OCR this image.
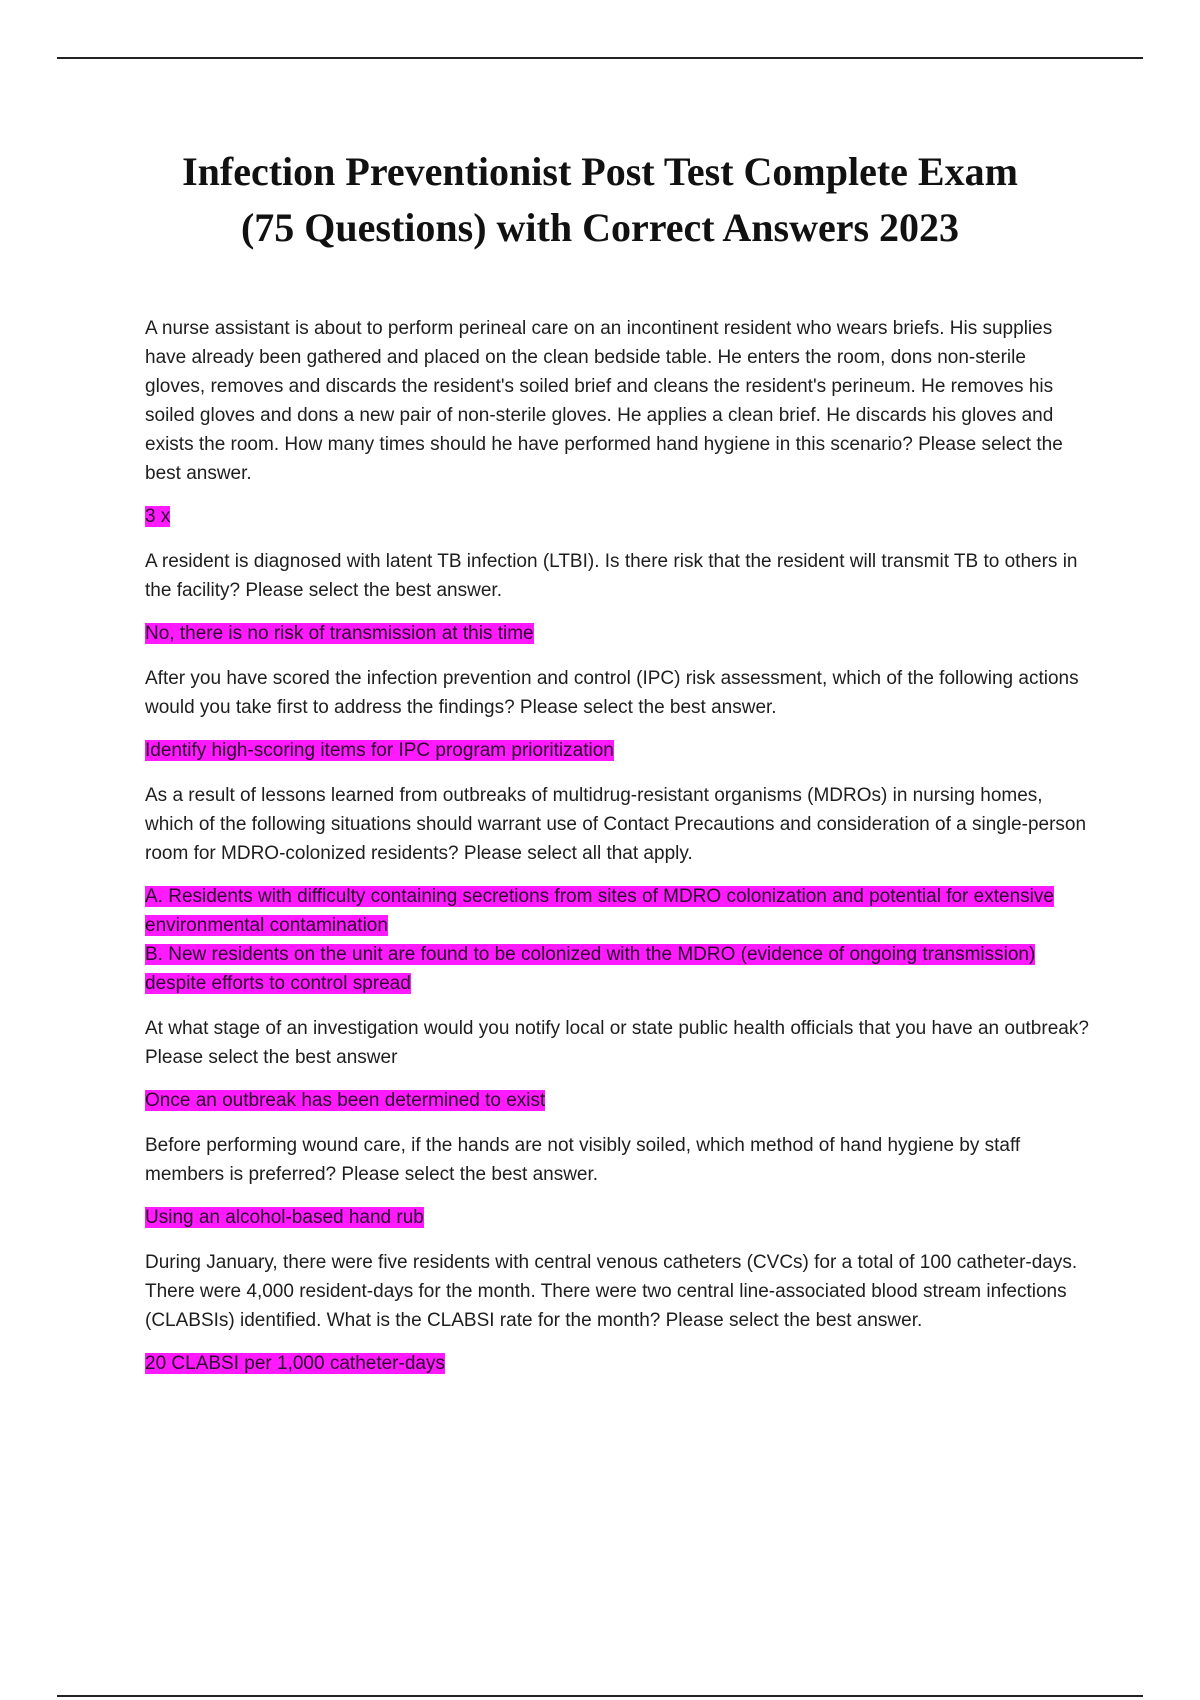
Infection Preventionist Post Test Complete Exam
(75 Questions) with Correct Answers 2023

A nurse assistant is about to perform perineal care on an incontinent resident who wears briefs. His supplies have already been gathered and placed on the clean bedside table. He enters the room, dons non-sterile gloves, removes and discards the resident's soiled brief and cleans the resident's perineum. He removes his soiled gloves and dons a new pair of non-sterile gloves. He applies a clean brief. He discards his gloves and exists the room. How many times should he have performed hand hygiene in this scenario? Please select the best answer.

3 x

A resident is diagnosed with latent TB infection (LTBI). Is there risk that the resident will transmit TB to others in the facility? Please select the best answer.

No, there is no risk of transmission at this time

After you have scored the infection prevention and control (IPC) risk assessment, which of the following actions would you take first to address the findings? Please select the best answer.

Identify high-scoring items for IPC program prioritization

As a result of lessons learned from outbreaks of multidrug-resistant organisms (MDROs) in nursing homes, which of the following situations should warrant use of Contact Precautions and consideration of a single-person room for MDRO-colonized residents? Please select all that apply.

A. Residents with difficulty containing secretions from sites of MDRO colonization and potential for extensive environmental contamination
B. New residents on the unit are found to be colonized with the MDRO (evidence of ongoing transmission) despite efforts to control spread

At what stage of an investigation would you notify local or state public health officials that you have an outbreak? Please select the best answer

Once an outbreak has been determined to exist

Before performing wound care, if the hands are not visibly soiled, which method of hand hygiene by staff members is preferred? Please select the best answer.

Using an alcohol-based hand rub

During January, there were five residents with central venous catheters (CVCs) for a total of 100 catheter-days. There were 4,000 resident-days for the month. There were two central line-associated blood stream infections (CLABSIs) identified. What is the CLABSI rate for the month? Please select the best answer.

20 CLABSI per 1,000 catheter-days
